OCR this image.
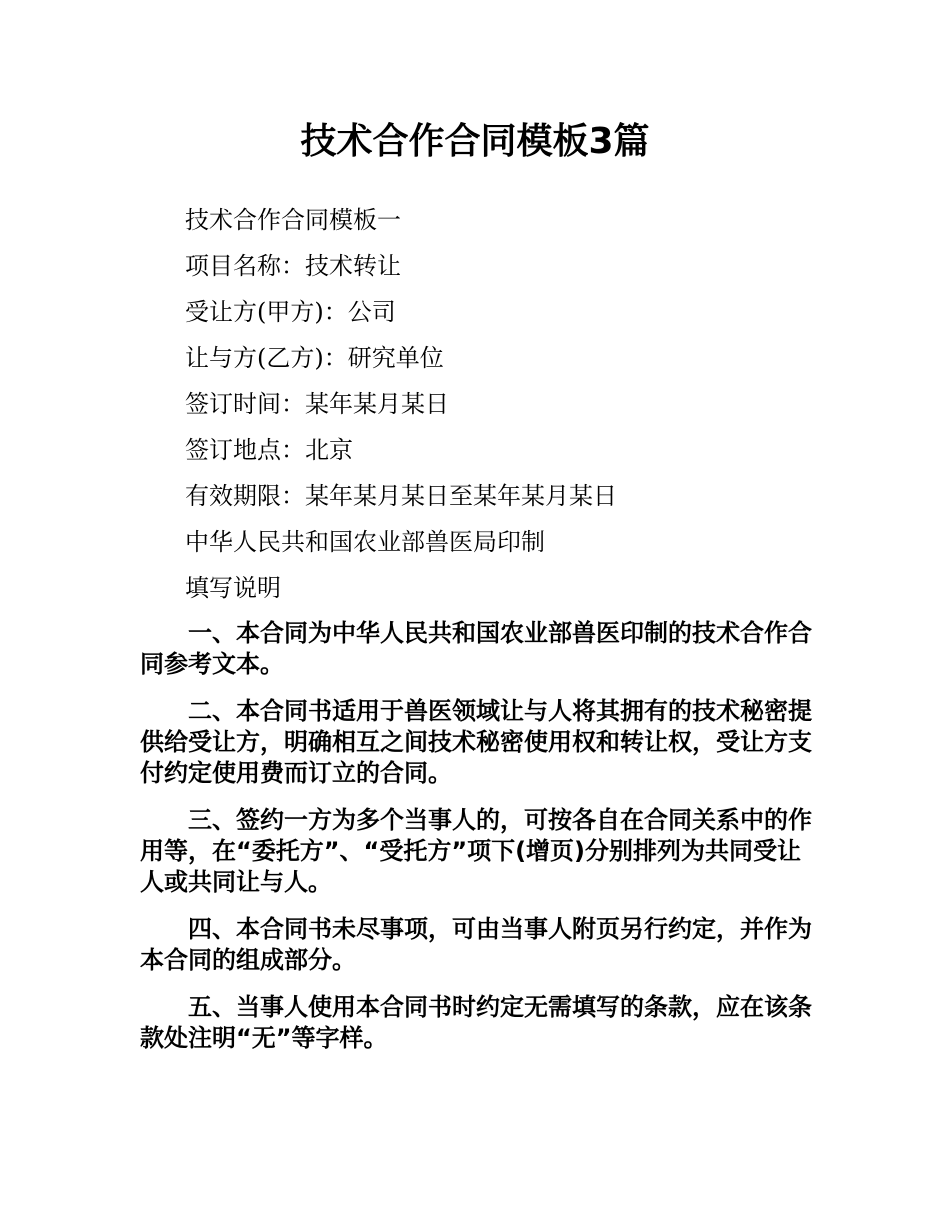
技术合作合同模板3篇
技术合作合同模板一
项目名称：技术转让
受让方(甲方)：公司
让与方(乙方)：研究单位
签订时间：某年某月某日
签订地点：北京
有效期限：某年某月某日至某年某月某日
中华人民共和国农业部兽医局印制
填写说明

一、本合同为中华人民共和国农业部兽医印制的技术合作合同参考文本。

二、本合同书适用于兽医领域让与人将其拥有的技术秘密提供给受让方，明确相互之间技术秘密使用权和转让权，受让方支付约定使用费而订立的合同。

三、签约一方为多个当事人的，可按各自在合同关系中的作用等，在“委托方”、“受托方”项下(增页)分别排列为共同受让人或共同让与人。

四、本合同书未尽事项，可由当事人附页另行约定，并作为本合同的组成部分。

五、当事人使用本合同书时约定无需填写的条款，应在该条款处注明“无”等字样。
